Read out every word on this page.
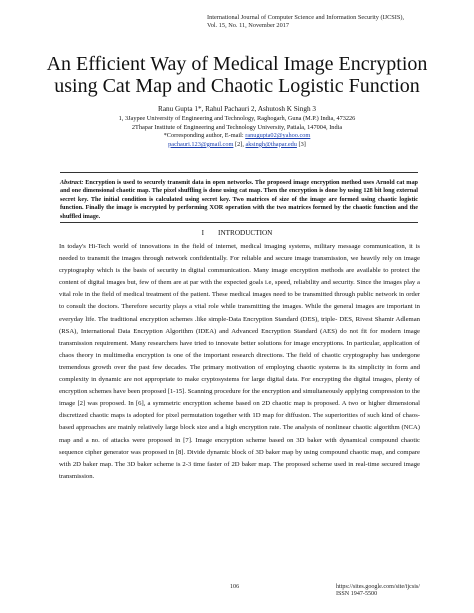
International Journal of Computer Science and Information Security (IJCSIS),
Vol. 15, No. 11, November 2017
An Efficient Way of Medical Image Encryption
using Cat Map and Chaotic Logistic Function
Ranu Gupta 1*, Rahul Pachauri 2, Ashutosh K Singh 3
1, 3Jaypee University of Engineering and Technology, Raghogarh, Guna (M.P.) India, 473226
2Thapar Institute of Engineering and Technology University, Patiala, 147004, India
*Corresponding author, E-mail: ranugupta02@yahoo.com
pachauri.123@gmail.com [2], aksingh@thapar.edu [3]
Abstract: Encryption is used to securely transmit data in open networks. The proposed image encryption method uses Arnold cat map and one dimensional chaotic map. The pixel shuffling is done using cat map. Then the encryption is done by using 128 bit long external secret key. The initial condition is calculated using secret key. Two matrices of size of the image are formed using chaotic logistic function. Finally the image is encrypted by performing XOR operation with the two matrices formed by the chaotic function and the shuffled image.
I INTRODUCTION

In today's Hi-Tech world of innovations in the field of internet, medical imaging systems, military message communication, it is needed to transmit the images through network confidentially. For reliable and secure image transmission, we heavily rely on image cryptography which is the basis of security in digital communication. Many image encryption methods are available to protect the content of digital images but, few of them are at par with the expected goals i.e, speed, reliability and security. Since the images play a vital role in the field of medical treatment of the patient. These medical images need to be transmitted through public network in order to consult the doctors. Therefore security plays a vital role while transmitting the images. While the general images are important in everyday life. The traditional encryption schemes .like simple-Data Encryption Standard (DES), triple- DES, Rivest Shamir Adleman (RSA), International Data Encryption Algorithm (IDEA) and Advanced Encryption Standard (AES) do not fit for modern image transmission requirement. Many researchers have tried to innovate better solutions for image encryptions. In particular, application of chaos theory in multimedia encryption is one of the important research directions. The field of chaotic cryptography has undergone tremendous growth over the past few decades. The primary motivation of employing chaotic systems is its simplicity in form and complexity in dynamic are not appropriate to make cryptosystems for large digital data. For encrypting the digital images, plenty of encryption schemes have been proposed [1-15]. Scanning procedure for the encryption and simultaneously applying compression to the image [2] was proposed. In [6], a symmetric encryption scheme based on 2D chaotic map is proposed. A two or higher dimensional discretized chaotic maps is adopted for pixel permutation together with 1D map for diffusion. The superiorities of such kind of chaos-based approaches are mainly relatively large block size and a high encryption rate. The analysis of nonlinear chaotic algorithm (NCA) map and a no. of attacks were proposed in [7]. Image encryption scheme based on 3D baker with dynamical compound chaotic sequence cipher generator was proposed in [8]. Divide dynamic block of 3D baker map by using compound chaotic map, and compare with 2D baker map. The 3D baker scheme is 2-3 time faster of 2D baker map. The proposed scheme used in real-time secured image transmission.

106	https://sites.google.com/site/ijcsis/
ISSN 1947-5500
